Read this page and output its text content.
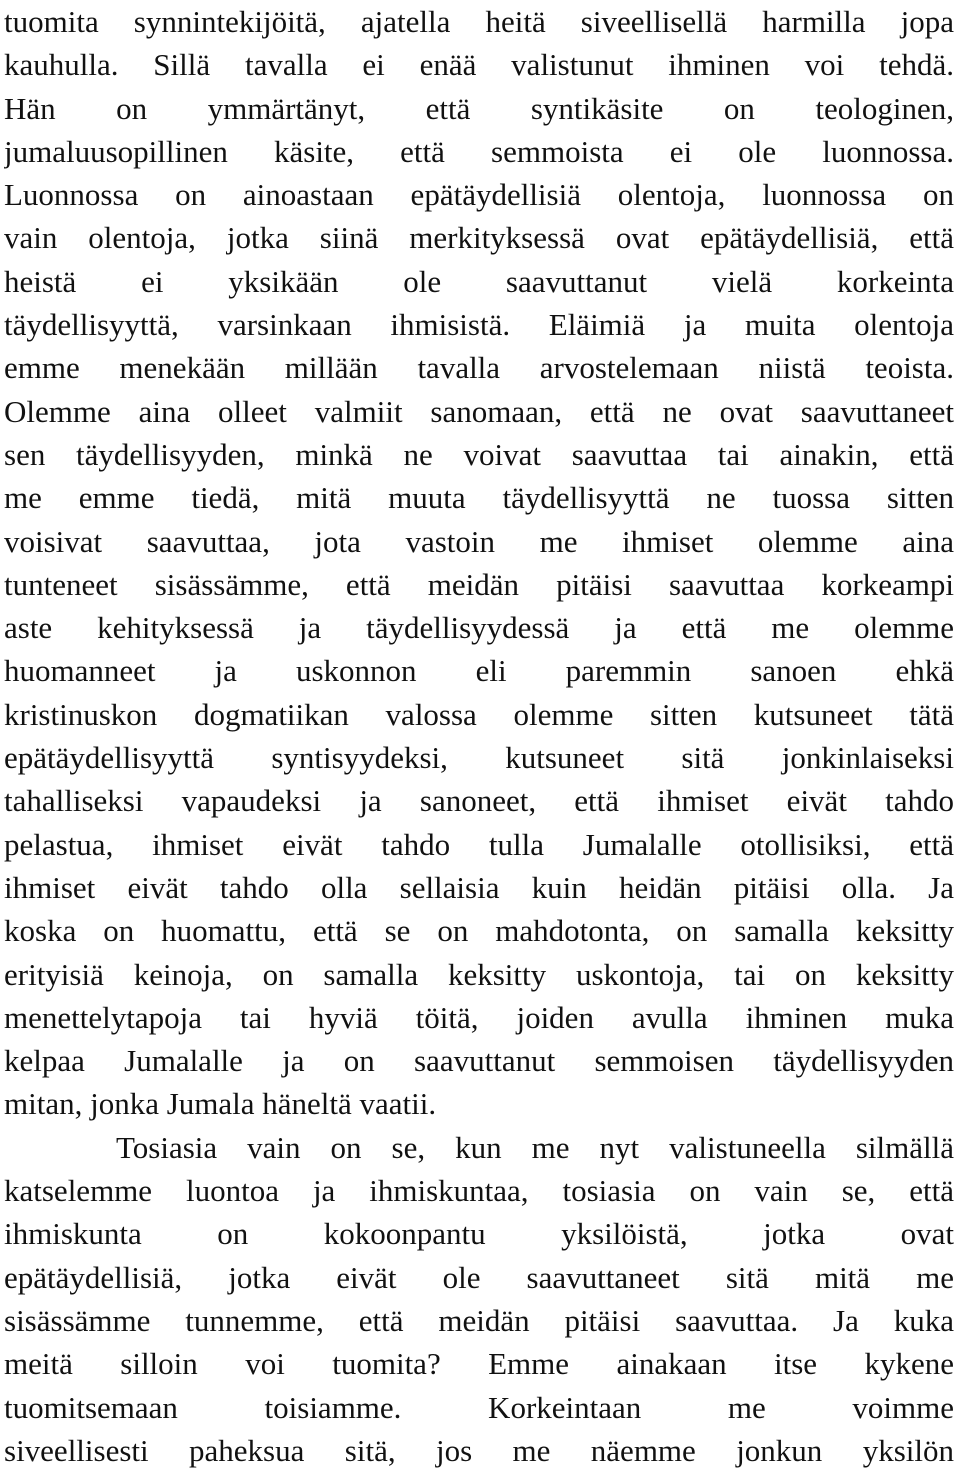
tuomita synnintekijöitä, ajatella heitä siveellisellä harmilla jopa
kauhulla. Sillä tavalla ei enää valistunut ihminen voi tehdä.
Hän on ymmärtänyt, että syntikäsite on teologinen,
jumaluusopillinen käsite, että semmoista ei ole luonnossa.
Luonnossa on ainoastaan epätäydellisiä olentoja, luonnossa on
vain olentoja, jotka siinä merkityksessä ovat epätäydellisiä, että
heistä ei yksikään ole saavuttanut vielä korkeinta
täydellisyyttä, varsinkaan ihmisistä. Eläimiä ja muita olentoja
emme menekään millään tavalla arvostelemaan niistä teoista.
Olemme aina olleet valmiit sanomaan, että ne ovat saavuttaneet
sen täydellisyyden, minkä ne voivat saavuttaa tai ainakin, että
me emme tiedä, mitä muuta täydellisyyttä ne tuossa sitten
voisivat saavuttaa, jota vastoin me ihmiset olemme aina
tunteneet sisässämme, että meidän pitäisi saavuttaa korkeampi
aste kehityksessä ja täydellisyydessä ja että me olemme
huomanneet ja uskonnon eli paremmin sanoen ehkä
kristinuskon dogmatiikan valossa olemme sitten kutsuneet tätä
epätäydellisyyttä syntisyydeksi, kutsuneet sitä jonkinlaiseksi
tahalliseksi vapaudeksi ja sanoneet, että ihmiset eivät tahdo
pelastua, ihmiset eivät tahdo tulla Jumalalle otollisiksi, että
ihmiset eivät tahdo olla sellaisia kuin heidän pitäisi olla. Ja
koska on huomattu, että se on mahdotonta, on samalla keksitty
erityisiä keinoja, on samalla keksitty uskontoja, tai on keksitty
menettelytapoja tai hyviä töitä, joiden avulla ihminen muka
kelpaa Jumalalle ja on saavuttanut semmoisen täydellisyyden
mitan, jonka Jumala häneltä vaatii.
Tosiasia vain on se, kun me nyt valistuneella silmällä
katselemme luontoa ja ihmiskuntaa, tosiasia on vain se, että
ihmiskunta on kokoonpantu yksilöistä, jotka ovat
epätäydellisiä, jotka eivät ole saavuttaneet sitä mitä me
sisässämme tunnemme, että meidän pitäisi saavuttaa. Ja kuka
meitä silloin voi tuomita? Emme ainakaan itse kykene
tuomitsemaan toisiamme. Korkeintaan me voimme
siveellisesti paheksua sitä, jos me näemme jonkun yksilön
